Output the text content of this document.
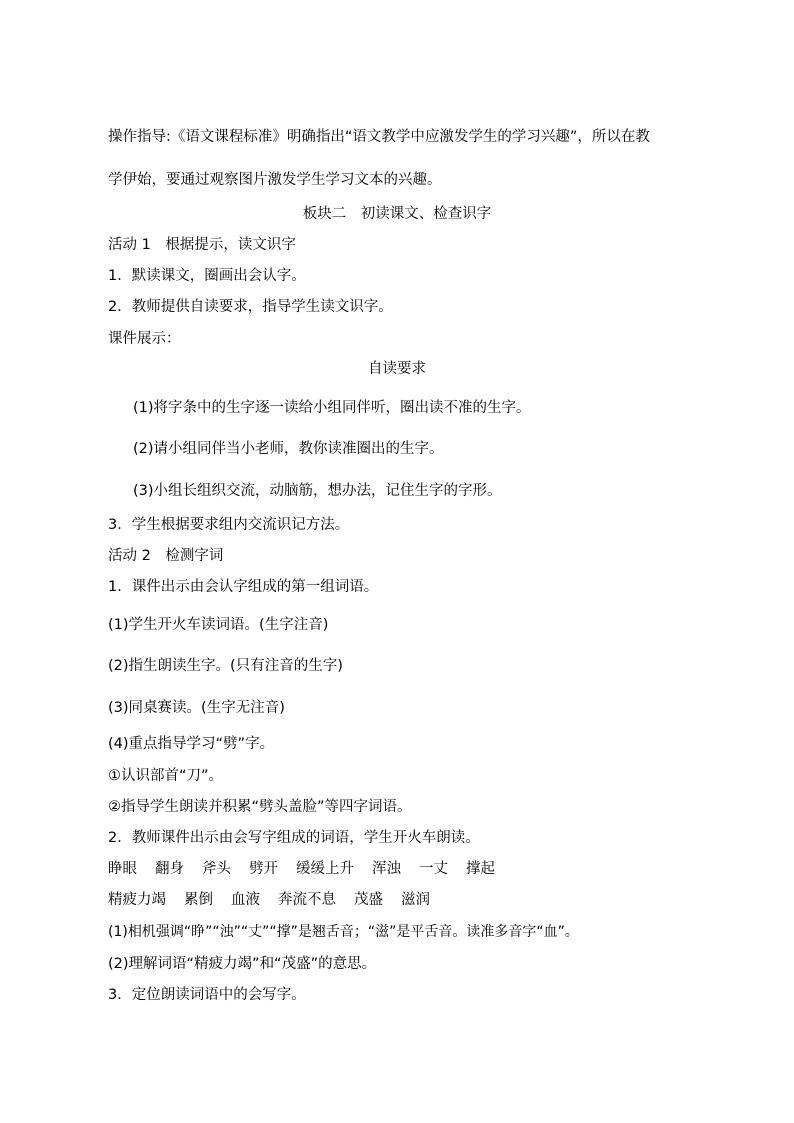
操作指导:《语文课程标准》明确指出“语文教学中应激发学生的学习兴趣”，所以在教
学伊始，要通过观察图片激发学生学习文本的兴趣。
板块二　初读课文、检查识字
活动 1　根据提示，读文识字
1．默读课文，圈画出会认字。
2．教师提供自读要求，指导学生读文识字。
课件展示：
自读要求
(1)将字条中的生字逐一读给小组同伴听，圈出读不准的生字。
(2)请小组同伴当小老师，教你读准圈出的生字。
(3)小组长组织交流，动脑筋，想办法，记住生字的字形。
3．学生根据要求组内交流识记方法。
活动 2　检测字词
1．课件出示由会认字组成的第一组词语。
(1)学生开火车读词语。(生字注音)
(2)指生朗读生字。(只有注音的生字)
(3)同桌赛读。(生字无注音)
(4)重点指导学习“劈”字。
①认识部首“刀”。
②指导学生朗读并积累“劈头盖脸”等四字词语。
2．教师课件出示由会写字组成的词语，学生开火车朗读。
睁眼 翻身 斧头 劈开 缓缓上升 浑浊 一丈 撑起
精疲力竭 累倒 血液 奔流不息 茂盛 滋润
(1)相机强调“睁”“浊”“丈”“撑”是翘舌音；“滋”是平舌音。读准多音字“血”。
(2)理解词语“精疲力竭”和“茂盛”的意思。
3．定位朗读词语中的会写字。
